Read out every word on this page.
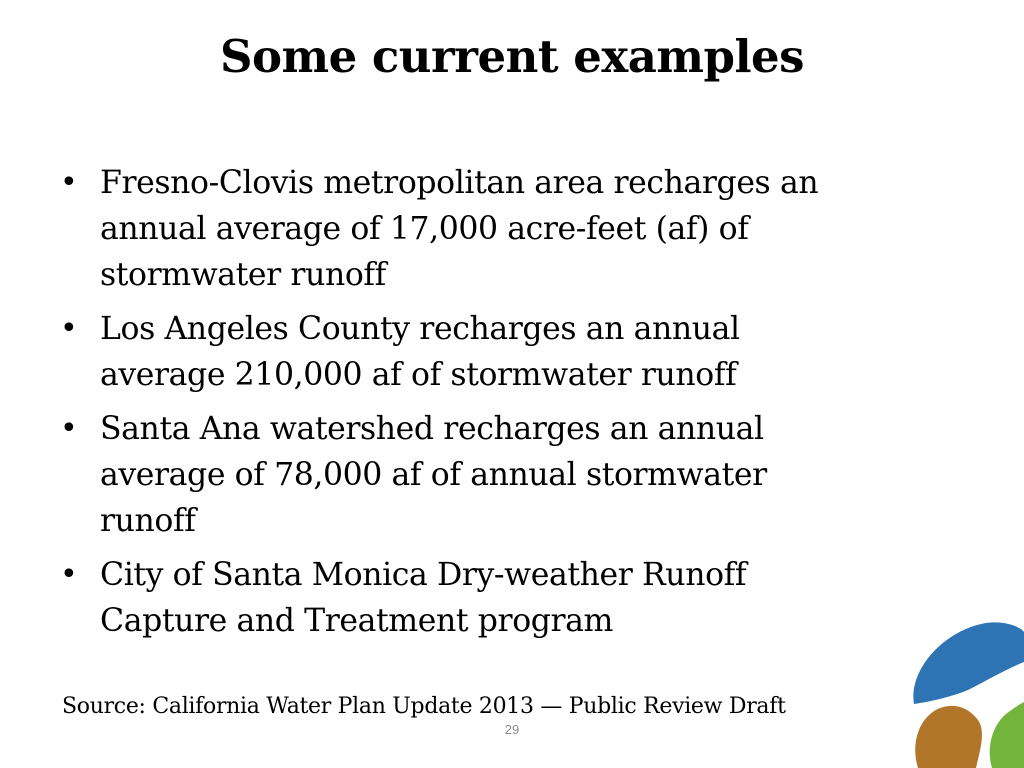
Some current examples
• Fresno-Clovis metropolitan area recharges an
annual average of 17,000 acre-feet (af) of
stormwater runoff
• Los Angeles County recharges an annual
average 210,000 af of stormwater runoff
• Santa Ana watershed recharges an annual
average of 78,000 af of annual stormwater
runoff
• City of Santa Monica Dry-weather Runoff
Capture and Treatment program
Source: California Water Plan Update 2013 — Public Review Draft
29
